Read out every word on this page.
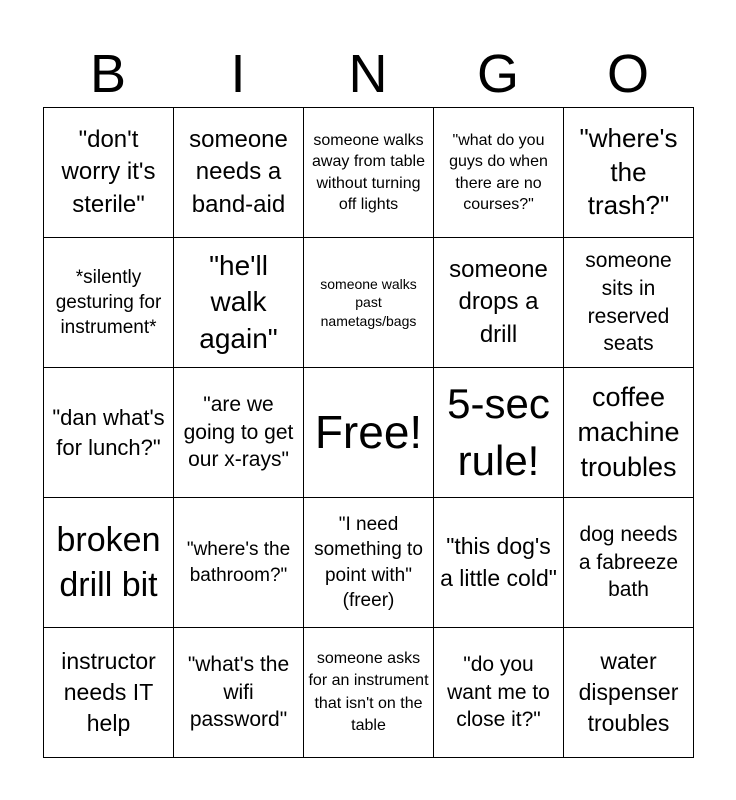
B	I	N	G	O
"don't worry it's sterile"
someone needs a band-aid
someone walks away from table without turning off lights
"what do you guys do when there are no courses?"
"where's the trash?"
*silently gesturing for instrument*
"he'll walk again"
someone walks past nametags/bags
someone drops a drill
someone sits in reserved seats
"dan what's for lunch?"
"are we going to get our x-rays"
Free!
5-sec rule!
coffee machine troubles
broken drill bit
"where's the bathroom?"
"I need something to point with" (freer)
"this dog's a little cold"
dog needs a fabreeze bath
instructor needs IT help
"what's the wifi password"
someone asks for an instrument that isn't on the table
"do you want me to close it?"
water dispenser troubles
